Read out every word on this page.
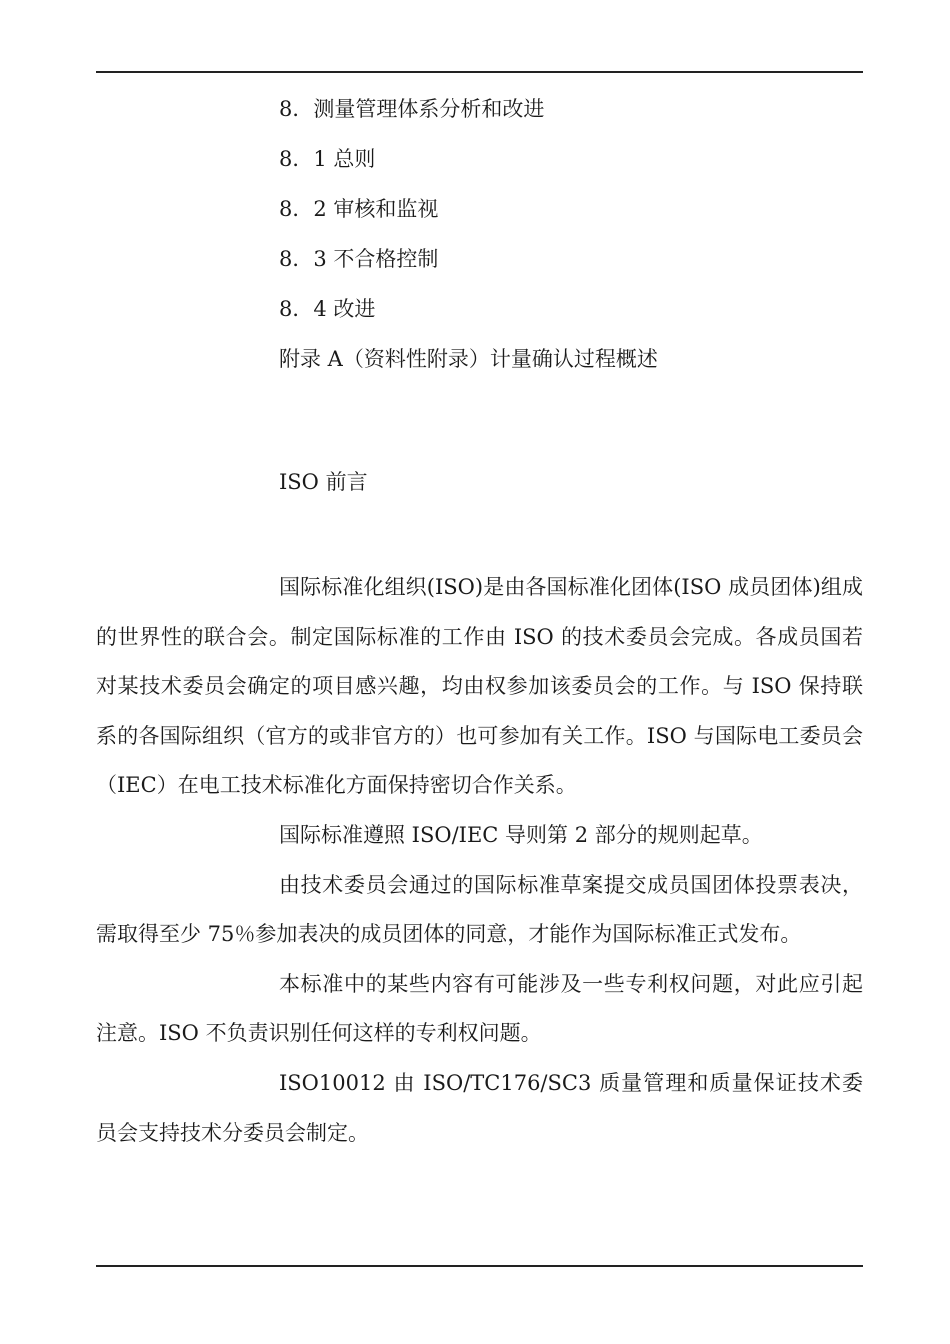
8．测量管理体系分析和改进
8．1 总则
8．2 审核和监视
8．3 不合格控制
8．4 改进
附录 A（资料性附录）计量确认过程概述
ISO 前言

国际标准化组织(ISO)是由各国标准化团体(ISO 成员团体)组成的世界性的联合会。制定国际标准的工作由 ISO 的技术委员会完成。各成员国若对某技术委员会确定的项目感兴趣，均由权参加该委员会的工作。与 ISO 保持联系的各国际组织（官方的或非官方的）也可参加有关工作。ISO 与国际电工委员会（IEC）在电工技术标准化方面保持密切合作关系。

国际标准遵照 ISO/IEC 导则第 2 部分的规则起草。

由技术委员会通过的国际标准草案提交成员国团体投票表决，需取得至少 75％参加表决的成员团体的同意，才能作为国际标准正式发布。

本标准中的某些内容有可能涉及一些专利权问题，对此应引起注意。ISO 不负责识别任何这样的专利权问题。

ISO10012 由 ISO/TC176/SC3 质量管理和质量保证技术委员会支持技术分委员会制定。
